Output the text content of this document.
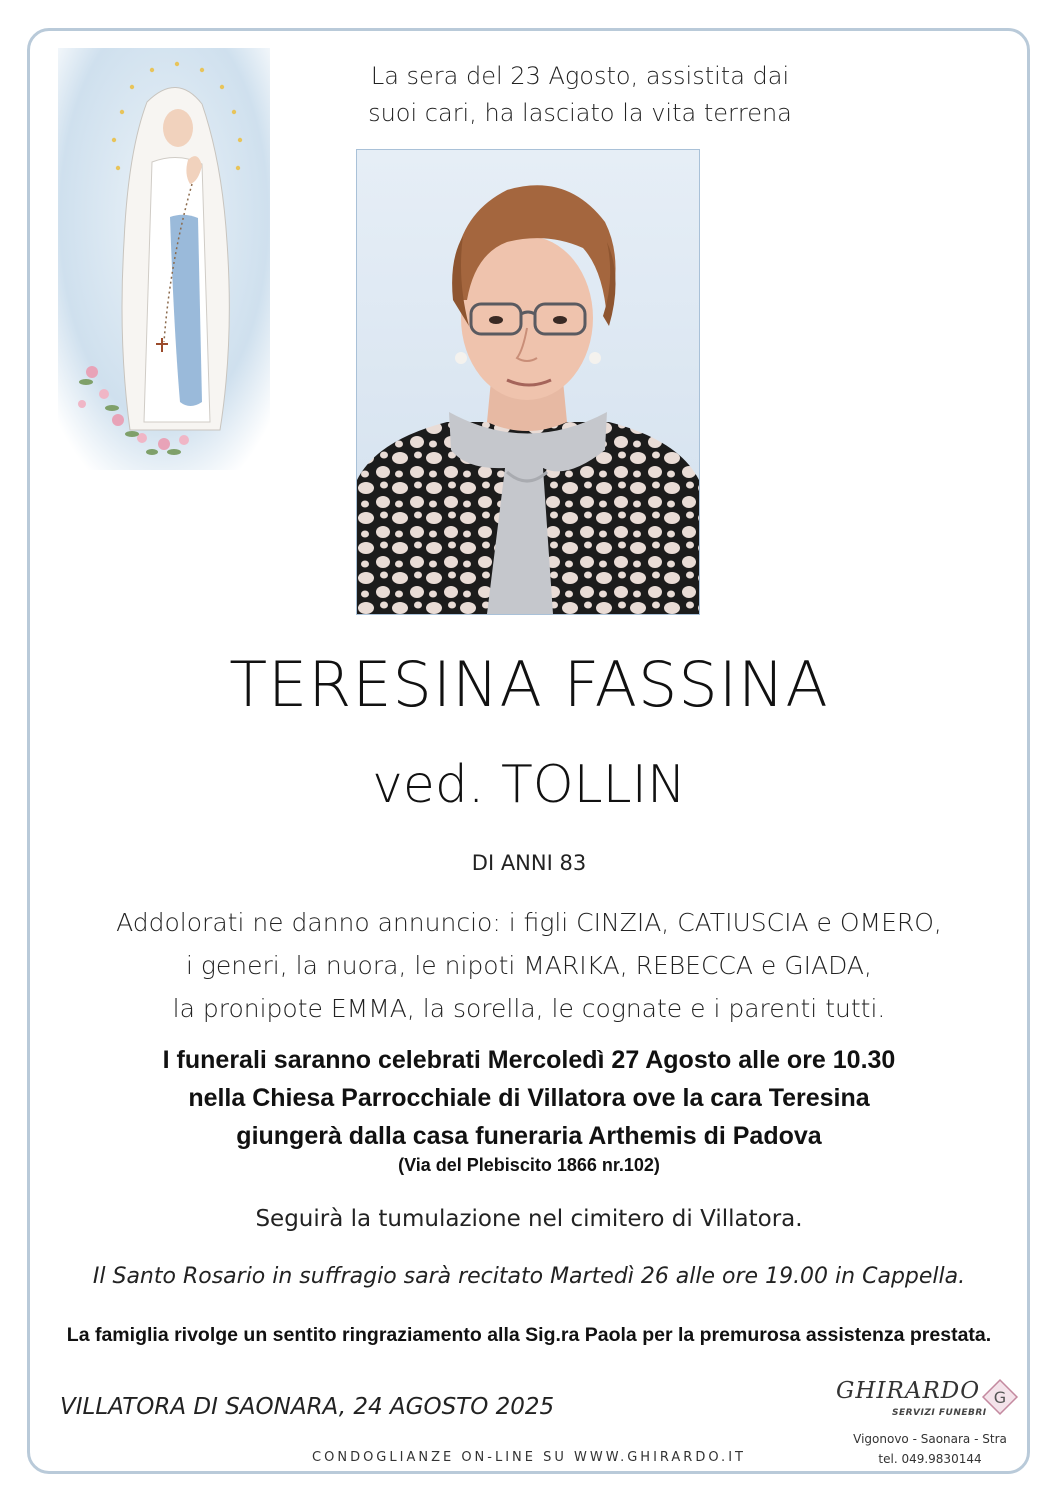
La sera del 23 Agosto, assistita dai
suoi cari, ha lasciato la vita terrena
TERESINA FASSINA
ved. TOLLIN
DI ANNI 83
Addolorati ne danno annuncio: i figli CINZIA, CATIUSCIA e OMERO,
i generi, la nuora, le nipoti MARIKA, REBECCA e GIADA,
la pronipote EMMA, la sorella, le cognate e i parenti tutti.
I funerali saranno celebrati Mercoledì 27 Agosto alle ore 10.30
nella Chiesa Parrocchiale di Villatora ove la cara Teresina
giungerà dalla casa funeraria Arthemis di Padova
(Via del Plebiscito 1866 nr.102)
Seguirà la tumulazione nel cimitero di Villatora.
Il Santo Rosario in suffragio sarà recitato Martedì 26 alle ore 19.00 in Cappella.
La famiglia rivolge un sentito ringraziamento alla Sig.ra Paola per la premurosa assistenza prestata.
VILLATORA DI SAONARA, 24 AGOSTO 2025
CONDOGLIANZE ON-LINE SU WWW.GHIRARDO.IT
GHIRARDO
SERVIZI FUNEBRI
G
Vigonovo - Saonara - Stra
tel. 049.9830144
